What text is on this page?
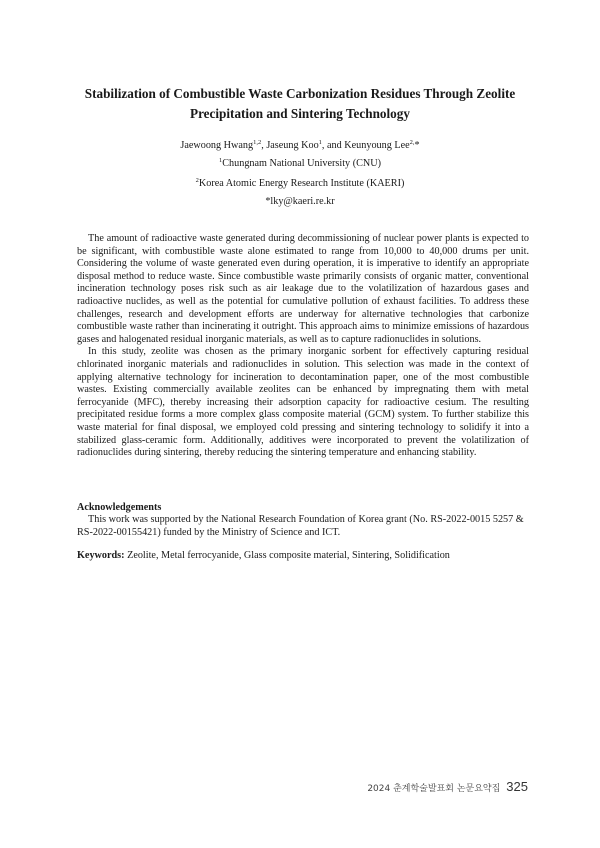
Stabilization of Combustible Waste Carbonization Residues Through Zeolite Precipitation and Sintering Technology
Jaewoong Hwang$^{1,2}$, Jaseung Koo$^1$, and Keunyoung Lee$^{2,}$*
$^1$Chungnam National University (CNU)
$^2$Korea Atomic Energy Research Institute (KAERI)
*lky@kaeri.re.kr

The amount of radioactive waste generated during decommissioning of nuclear power plants is expected to be significant, with combustible waste alone estimated to range from 10,000 to 40,000 drums per unit. Considering the volume of waste generated even during operation, it is imperative to identify an appropriate disposal method to reduce waste. Since combustible waste primarily consists of organic matter, conventional incineration technology poses risk such as air leakage due to the volatilization of hazardous gases and radioactive nuclides, as well as the potential for cumulative pollution of exhaust facilities. To address these challenges, research and development efforts are underway for alternative technologies that carbonize combustible waste rather than incinerating it outright. This approach aims to minimize emissions of hazardous gases and halogenated residual inorganic materials, as well as to capture radionuclides in solutions.

In this study, zeolite was chosen as the primary inorganic sorbent for effectively capturing residual chlorinated inorganic materials and radionuclides in solution. This selection was made in the context of applying alternative technology for incineration to decontamination paper, one of the most combustible wastes. Existing commercially available zeolites can be enhanced by impregnating them with metal ferrocyanide (MFC), thereby increasing their adsorption capacity for radioactive cesium. The resulting precipitated residue forms a more complex glass composite material (GCM) system. To further stabilize this waste material for final disposal, we employed cold pressing and sintering technology to solidify it into a stabilized glass-ceramic form. Additionally, additives were incorporated to prevent the volatilization of radionuclides during sintering, thereby reducing the sintering temperature and enhancing stability.

Acknowledgements

This work was supported by the National Research Foundation of Korea grant (No. RS-2022-0015 5257 & RS-2022-00155421) funded by the Ministry of Science and ICT.

Keywords: Zeolite, Metal ferrocyanide, Glass composite material, Sintering, Solidification
2024 춘계학술발표회 논문요약집 325
